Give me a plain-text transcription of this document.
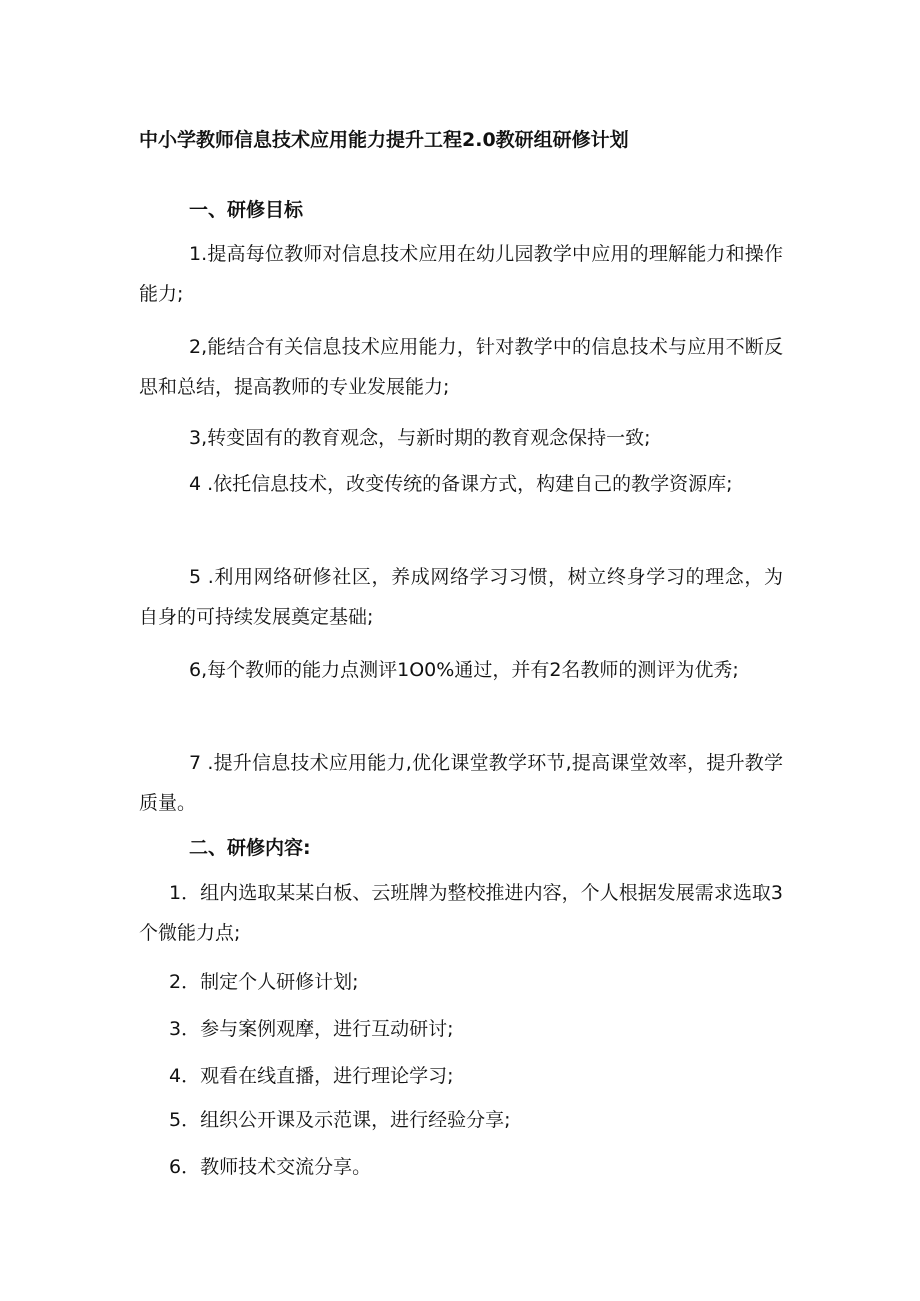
中小学教师信息技术应用能力提升工程2.0教研组研修计划
一、研修目标
1.提高每位教师对信息技术应用在幼儿园教学中应用的理解能力和操作能力;
2,能结合有关信息技术应用能力，针对教学中的信息技术与应用不断反思和总结，提高教师的专业发展能力;
3,转变固有的教育观念，与新时期的教育观念保持一致;
4 .依托信息技术，改变传统的备课方式，构建自己的教学资源库;
5 .利用网络研修社区，养成网络学习习惯，树立终身学习的理念，为自身的可持续发展奠定基础;
6,每个教师的能力点测评1O0%通过，并有2名教师的测评为优秀;
7 .提升信息技术应用能力,优化课堂教学环节,提高课堂效率，提升教学质量。
二、研修内容:
1．组内选取某某白板、云班牌为整校推进内容，个人根据发展需求选取3个微能力点;
2．制定个人研修计划;
3．参与案例观摩，进行互动研讨;
4．观看在线直播，进行理论学习;
5．组织公开课及示范课，进行经验分享;
6．教师技术交流分享。
